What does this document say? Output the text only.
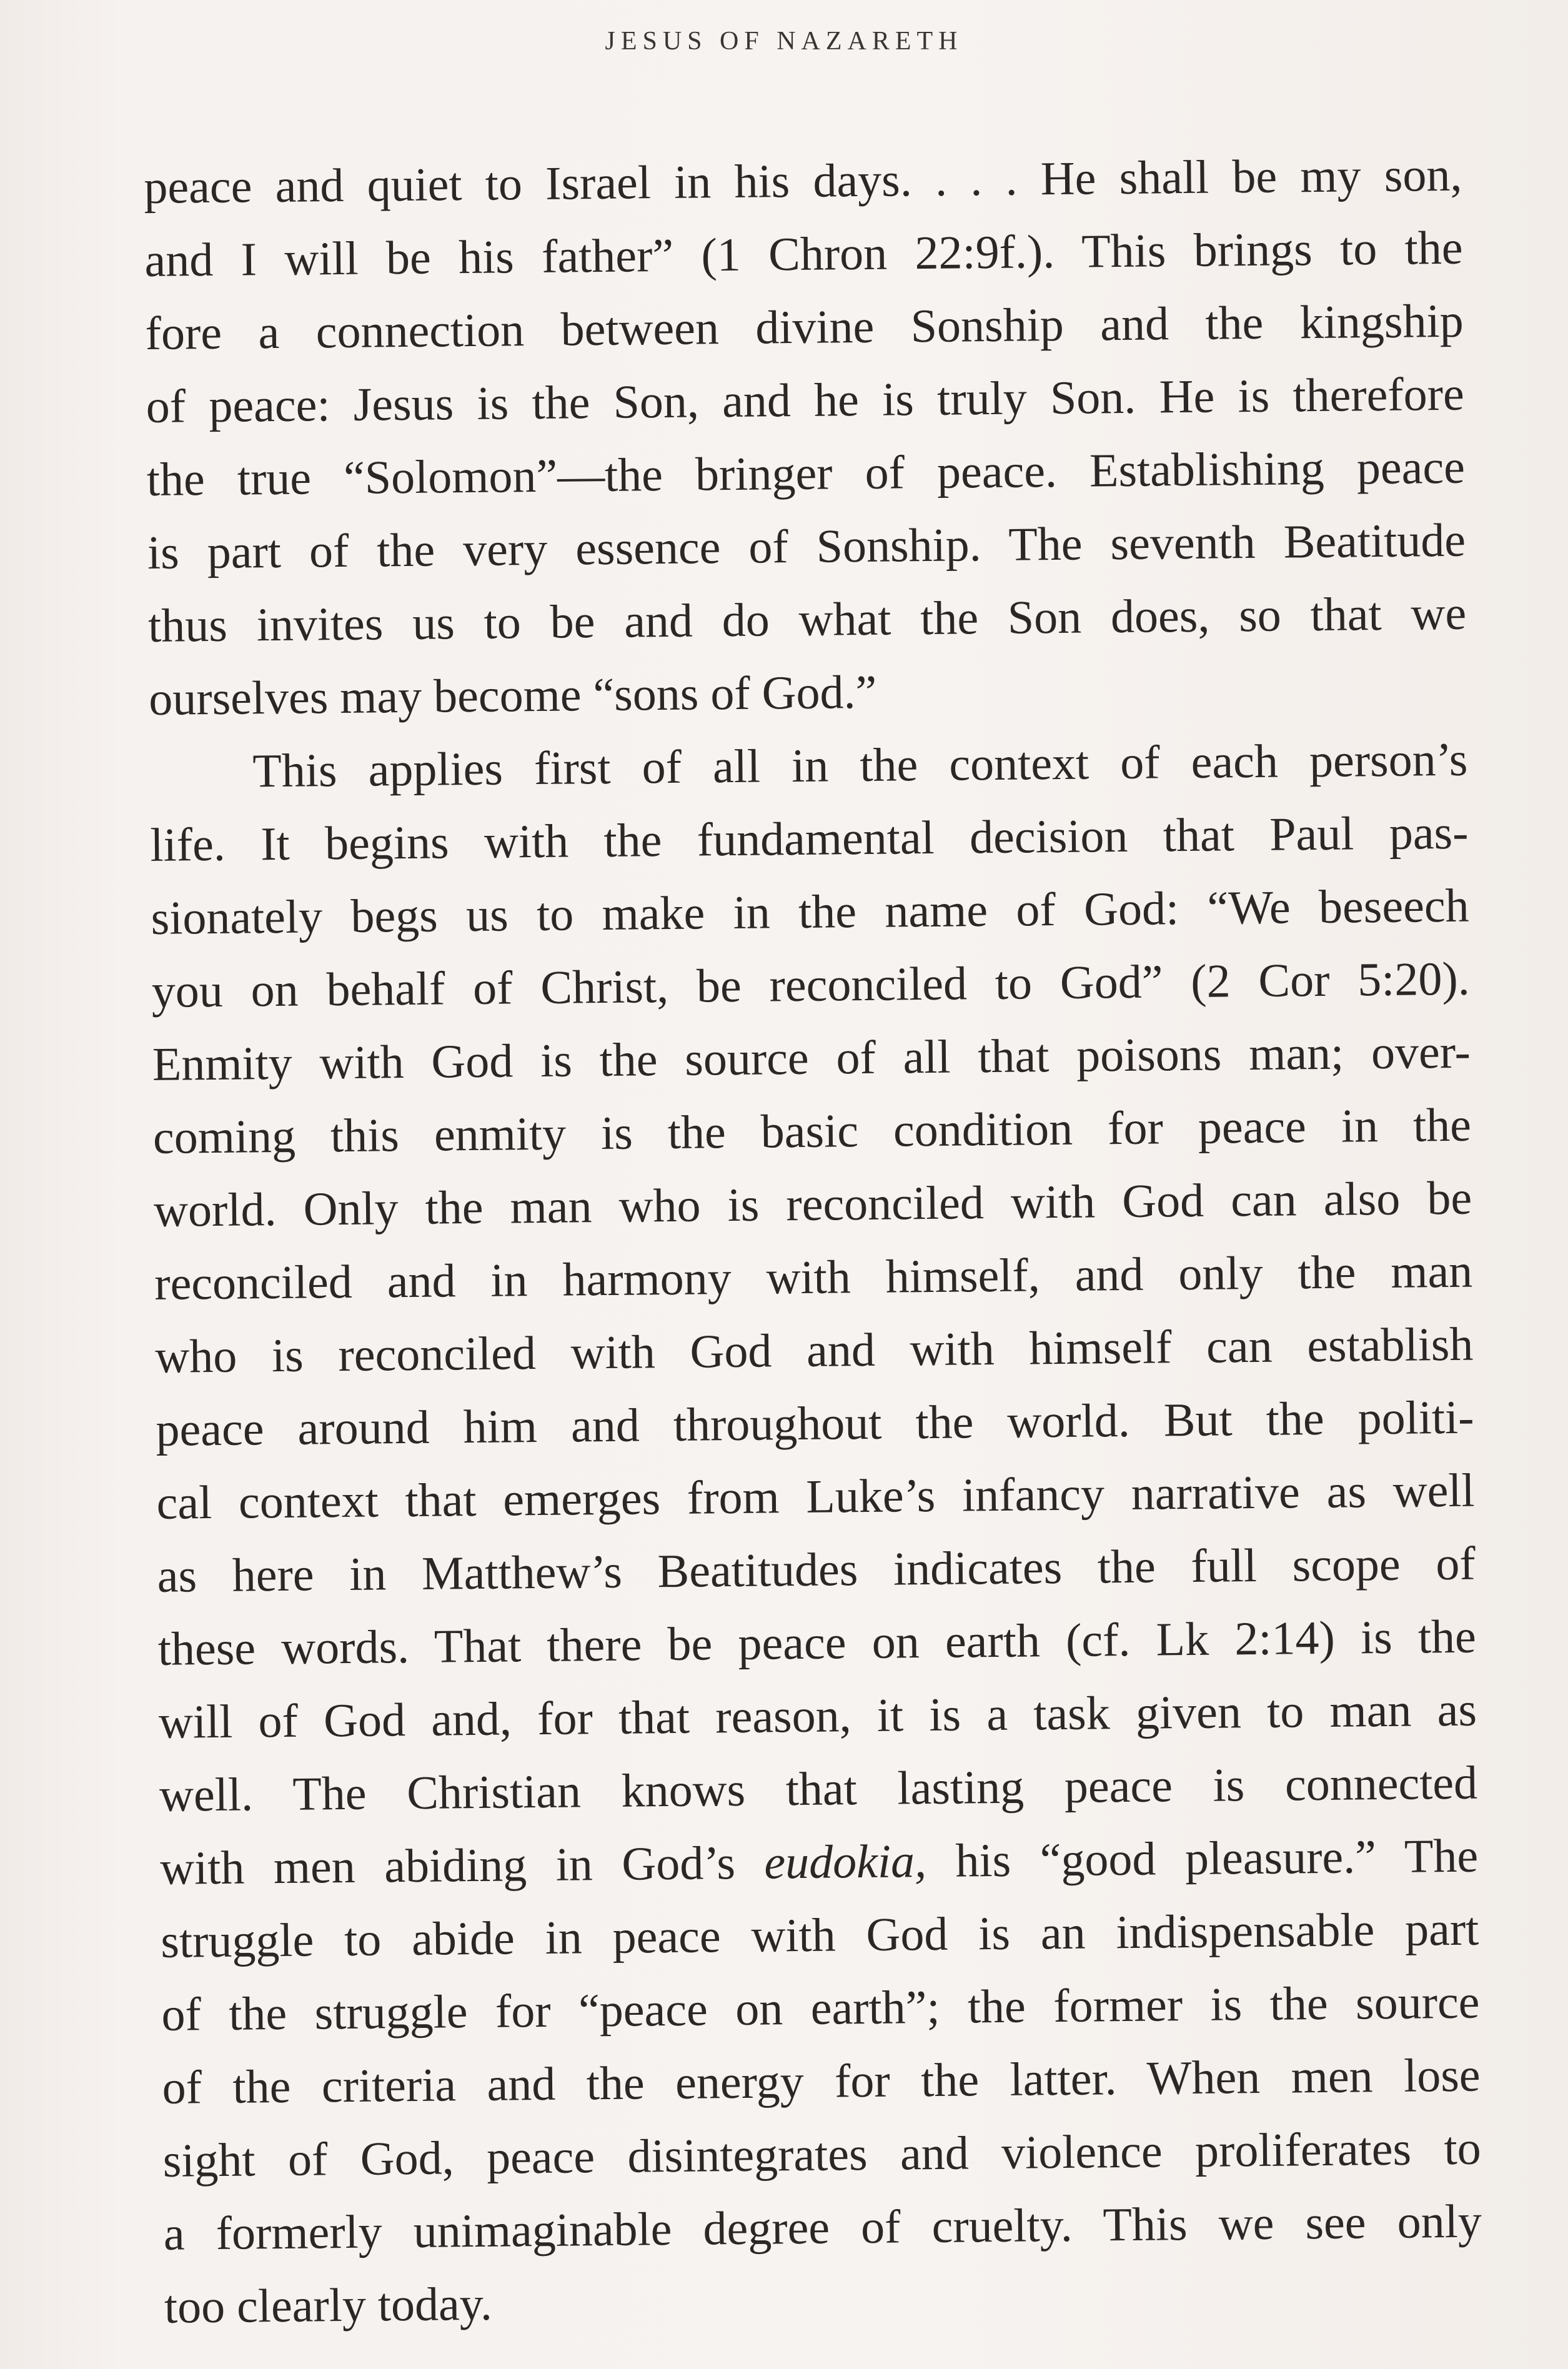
JESUS OF NAZARETH
peace and quiet to Israel in his days. . . . He shall be my son,
and I will be his father” (1 Chron 22:9f.). This brings to the
fore a connection between divine Sonship and the kingship
of peace: Jesus is the Son, and he is truly Son. He is therefore
the true “Solomon”—the bringer of peace. Establishing peace
is part of the very essence of Sonship. The seventh Beatitude
thus invites us to be and do what the Son does, so that we
ourselves may become “sons of God.”
This applies first of all in the context of each person’s
life. It begins with the fundamental decision that Paul pas-
sionately begs us to make in the name of God: “We beseech
you on behalf of Christ, be reconciled to God” (2 Cor 5:20).
Enmity with God is the source of all that poisons man; over-
coming this enmity is the basic condition for peace in the
world. Only the man who is reconciled with God can also be
reconciled and in harmony with himself, and only the man
who is reconciled with God and with himself can establish
peace around him and throughout the world. But the politi-
cal context that emerges from Luke’s infancy narrative as well
as here in Matthew’s Beatitudes indicates the full scope of
these words. That there be peace on earth (cf. Lk 2:14) is the
will of God and, for that reason, it is a task given to man as
well. The Christian knows that lasting peace is connected
with men abiding in God’s eudokia, his “good pleasure.” The
struggle to abide in peace with God is an indispensable part
of the struggle for “peace on earth”; the former is the source
of the criteria and the energy for the latter. When men lose
sight of God, peace disintegrates and violence proliferates to
a formerly unimaginable degree of cruelty. This we see only
too clearly today.
